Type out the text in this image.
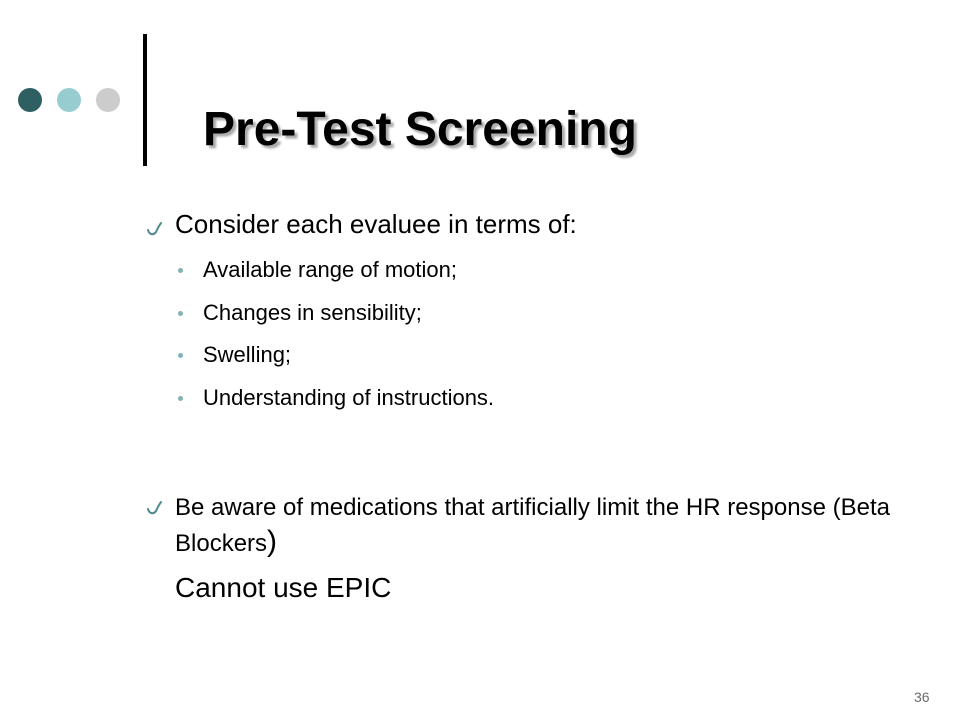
Pre-Test Screening
Consider each evaluee in terms of:
Available range of motion;
Changes in sensibility;
Swelling;
Understanding of instructions.
Be aware of medications that artificially limit the HR response (Beta Blockers)
Cannot use EPIC
36
